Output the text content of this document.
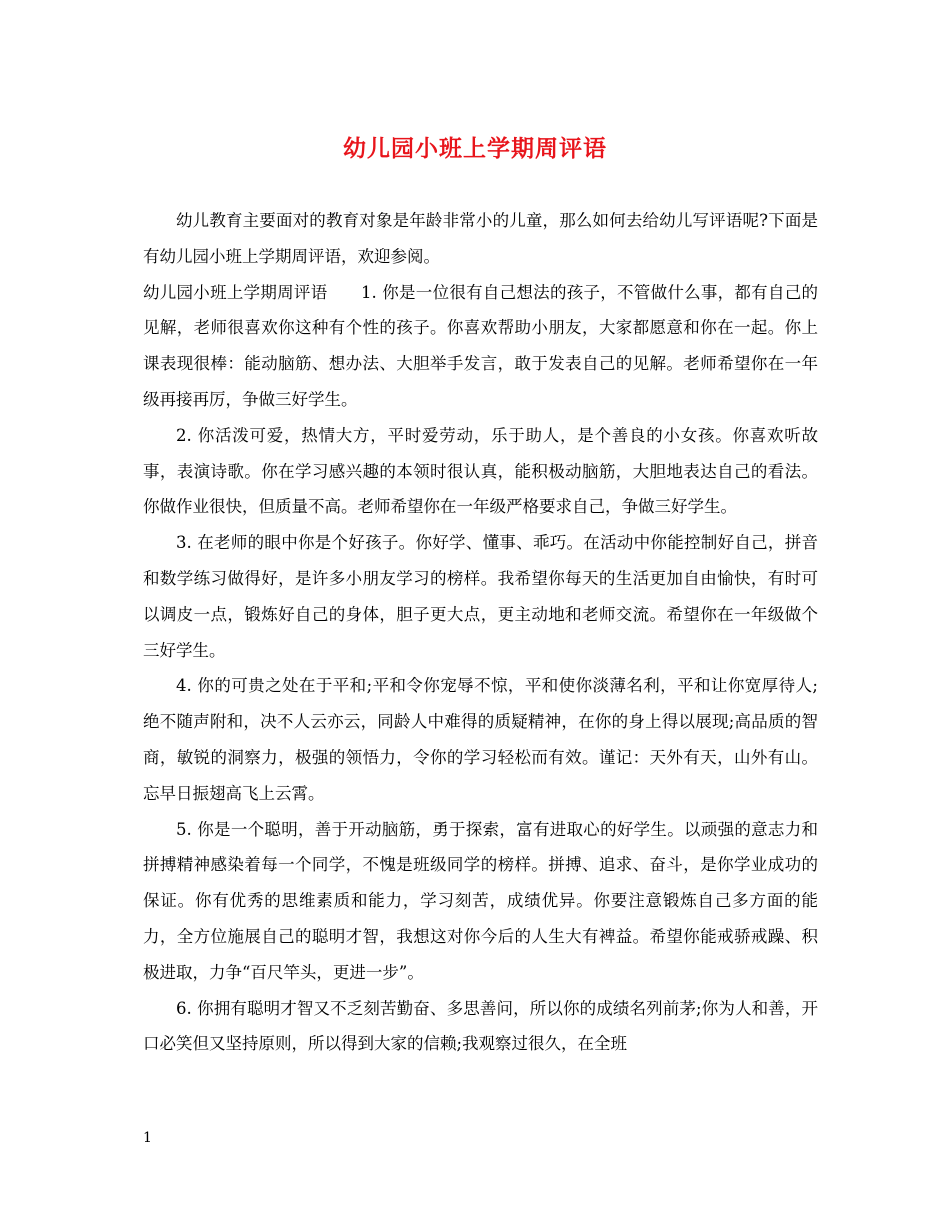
幼儿园小班上学期周评语

幼儿教育主要面对的教育对象是年龄非常小的儿童，那么如何去给幼儿写评语呢?下面是有幼儿园小班上学期周评语，欢迎参阅。

幼儿园小班上学期周评语　　1. 你是一位很有自己想法的孩子，不管做什么事，都有自己的见解，老师很喜欢你这种有个性的孩子。你喜欢帮助小朋友，大家都愿意和你在一起。你上课表现很棒：能动脑筋、想办法、大胆举手发言，敢于发表自己的见解。老师希望你在一年级再接再厉，争做三好学生。

2. 你活泼可爱，热情大方，平时爱劳动，乐于助人，是个善良的小女孩。你喜欢听故事，表演诗歌。你在学习感兴趣的本领时很认真，能积极动脑筋，大胆地表达自己的看法。你做作业很快，但质量不高。老师希望你在一年级严格要求自己，争做三好学生。

3. 在老师的眼中你是个好孩子。你好学、懂事、乖巧。在活动中你能控制好自己，拼音和数学练习做得好，是许多小朋友学习的榜样。我希望你每天的生活更加自由愉快，有时可以调皮一点，锻炼好自己的身体，胆子更大点，更主动地和老师交流。希望你在一年级做个三好学生。

4. 你的可贵之处在于平和;平和令你宠辱不惊，平和使你淡薄名利，平和让你宽厚待人;绝不随声附和，决不人云亦云，同龄人中难得的质疑精神，在你的身上得以展现;高品质的智商，敏锐的洞察力，极强的领悟力，令你的学习轻松而有效。谨记：天外有天，山外有山。忘早日振翅高飞上云霄。

5. 你是一个聪明，善于开动脑筋，勇于探索，富有进取心的好学生。以顽强的意志力和拼搏精神感染着每一个同学，不愧是班级同学的榜样。拼搏、追求、奋斗，是你学业成功的保证。你有优秀的思维素质和能力，学习刻苦，成绩优异。你要注意锻炼自己多方面的能力，全方位施展自己的聪明才智，我想这对你今后的人生大有裨益。希望你能戒骄戒躁、积极进取，力争“百尺竿头，更进一步”。

6. 你拥有聪明才智又不乏刻苦勤奋、多思善问，所以你的成绩名列前茅;你为人和善，开口必笑但又坚持原则，所以得到大家的信赖;我观察过很久，在全班

1
